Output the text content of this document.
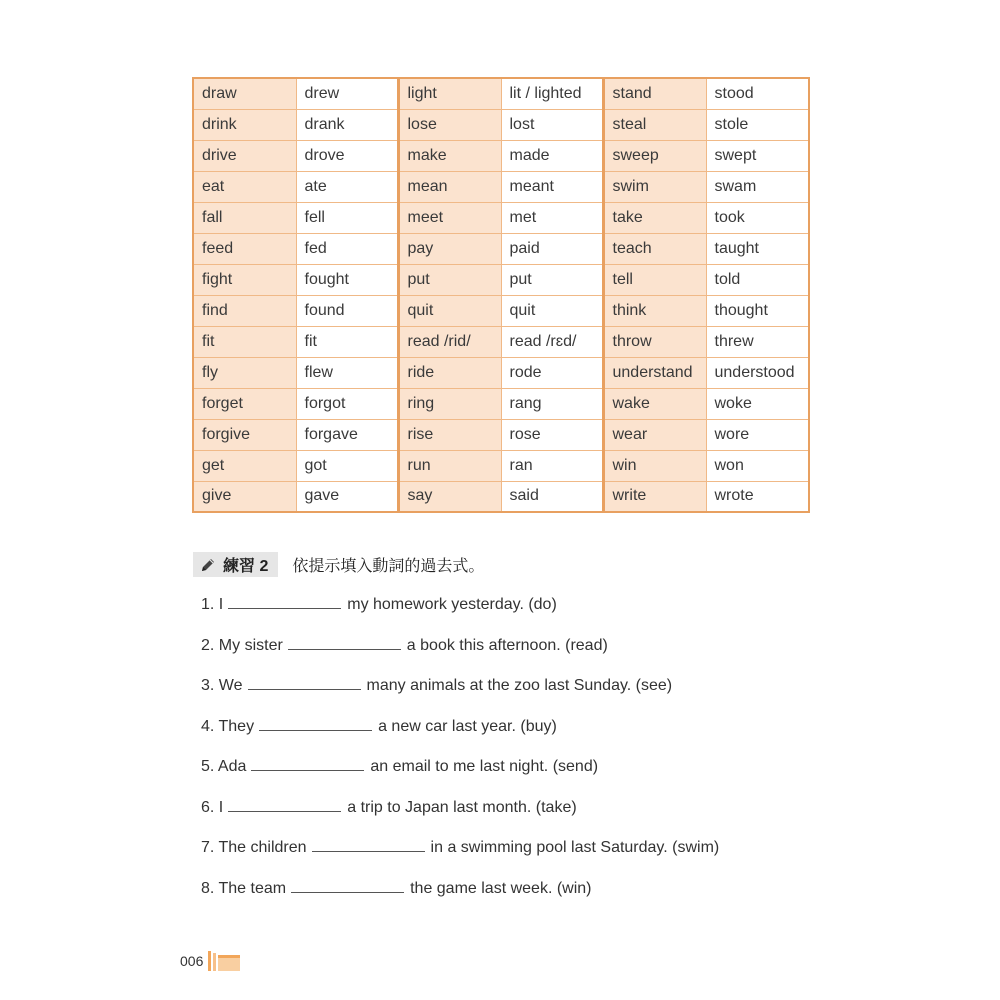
draw	drew	light	lit / lighted	stand	stood
drink	drank	lose	lost	steal	stole
drive	drove	make	made	sweep	swept
eat	ate	mean	meant	swim	swam
fall	fell	meet	met	take	took
feed	fed	pay	paid	teach	taught
fight	fought	put	put	tell	told
find	found	quit	quit	think	thought
fit	fit	read /rid/	read /rɛd/	throw	threw
fly	flew	ride	rode	understand	understood
forget	forgot	ring	rang	wake	woke
forgive	forgave	rise	rose	wear	wore
get	got	run	ran	win	won
give	gave	say	said	write	wrote
練習 2 依提示填入動詞的過去式。
1. I	my homework yesterday. (do)
2. My sister	a book this afternoon. (read)
3. We	many animals at the zoo last Sunday. (see)
4. They	a new car last year. (buy)
5. Ada	an email to me last night. (send)
6. I	a trip to Japan last month. (take)
7. The children	in a swimming pool last Saturday. (swim)
8. The team	the game last week. (win)
006
